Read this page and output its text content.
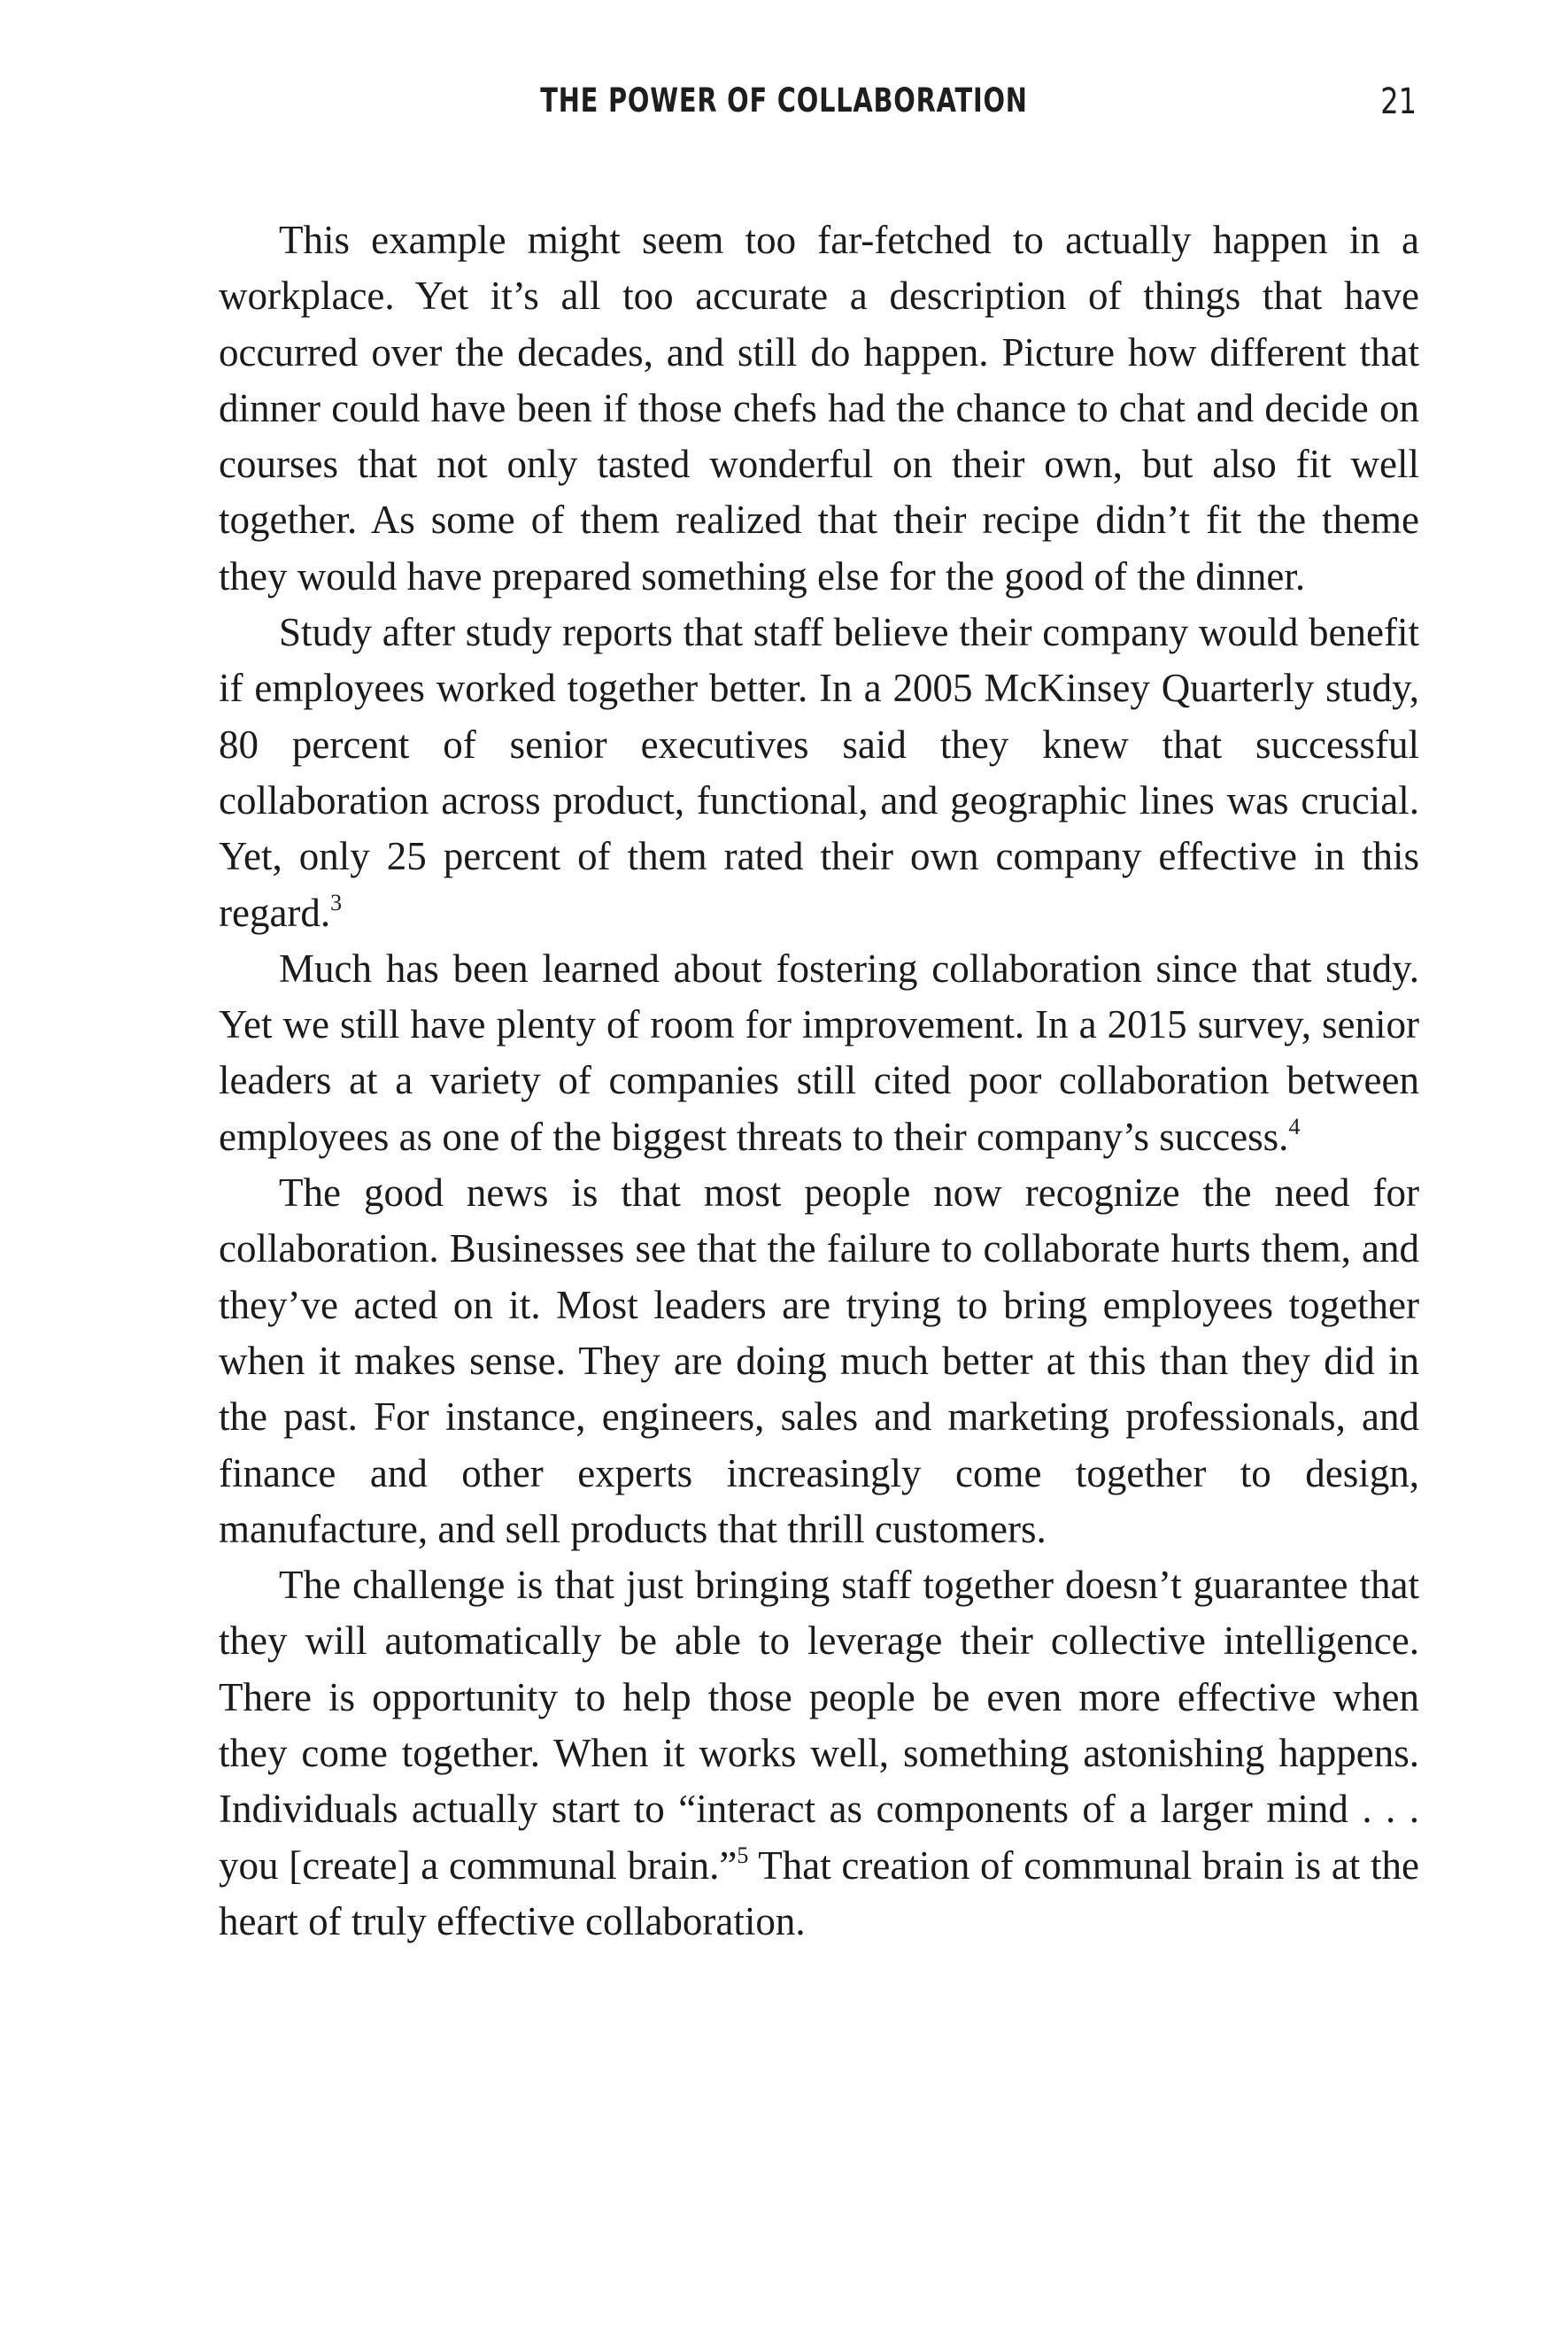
THE POWER OF COLLABORATION	21

This example might seem too far-fetched to actually happen in a workplace. Yet it’s all too accurate a description of things that have occurred over the decades, and still do happen. Picture how different that dinner could have been if those chefs had the chance to chat and decide on courses that not only tasted wonderful on their own, but also fit well together. As some of them realized that their recipe didn’t fit the theme they would have prepared something else for the good of the dinner.

Study after study reports that staff believe their company would benefit if employees worked together better. In a 2005 McKinsey Quarterly study, 80 percent of senior executives said they knew that successful collaboration across product, functional, and geographic lines was crucial. Yet, only 25 percent of them rated their own company effective in this regard.$^3$

Much has been learned about fostering collaboration since that study. Yet we still have plenty of room for improvement. In a 2015 survey, senior leaders at a variety of companies still cited poor collaboration between employees as one of the biggest threats to their company’s success.$^4$

The good news is that most people now recognize the need for collaboration. Businesses see that the failure to collaborate hurts them, and they’ve acted on it. Most leaders are trying to bring employees together when it makes sense. They are doing much better at this than they did in the past. For instance, engineers, sales and marketing professionals, and finance and other experts increasingly come together to design, manufacture, and sell products that thrill customers.

The challenge is that just bringing staff together doesn’t guarantee that they will automatically be able to leverage their collective intelligence. There is opportunity to help those people be even more effective when they come together. When it works well, something astonishing happens. Individuals actually start to “interact as components of a larger mind . . . you [create] a communal brain.”$^5$ That creation of communal brain is at the heart of truly effective collaboration.
